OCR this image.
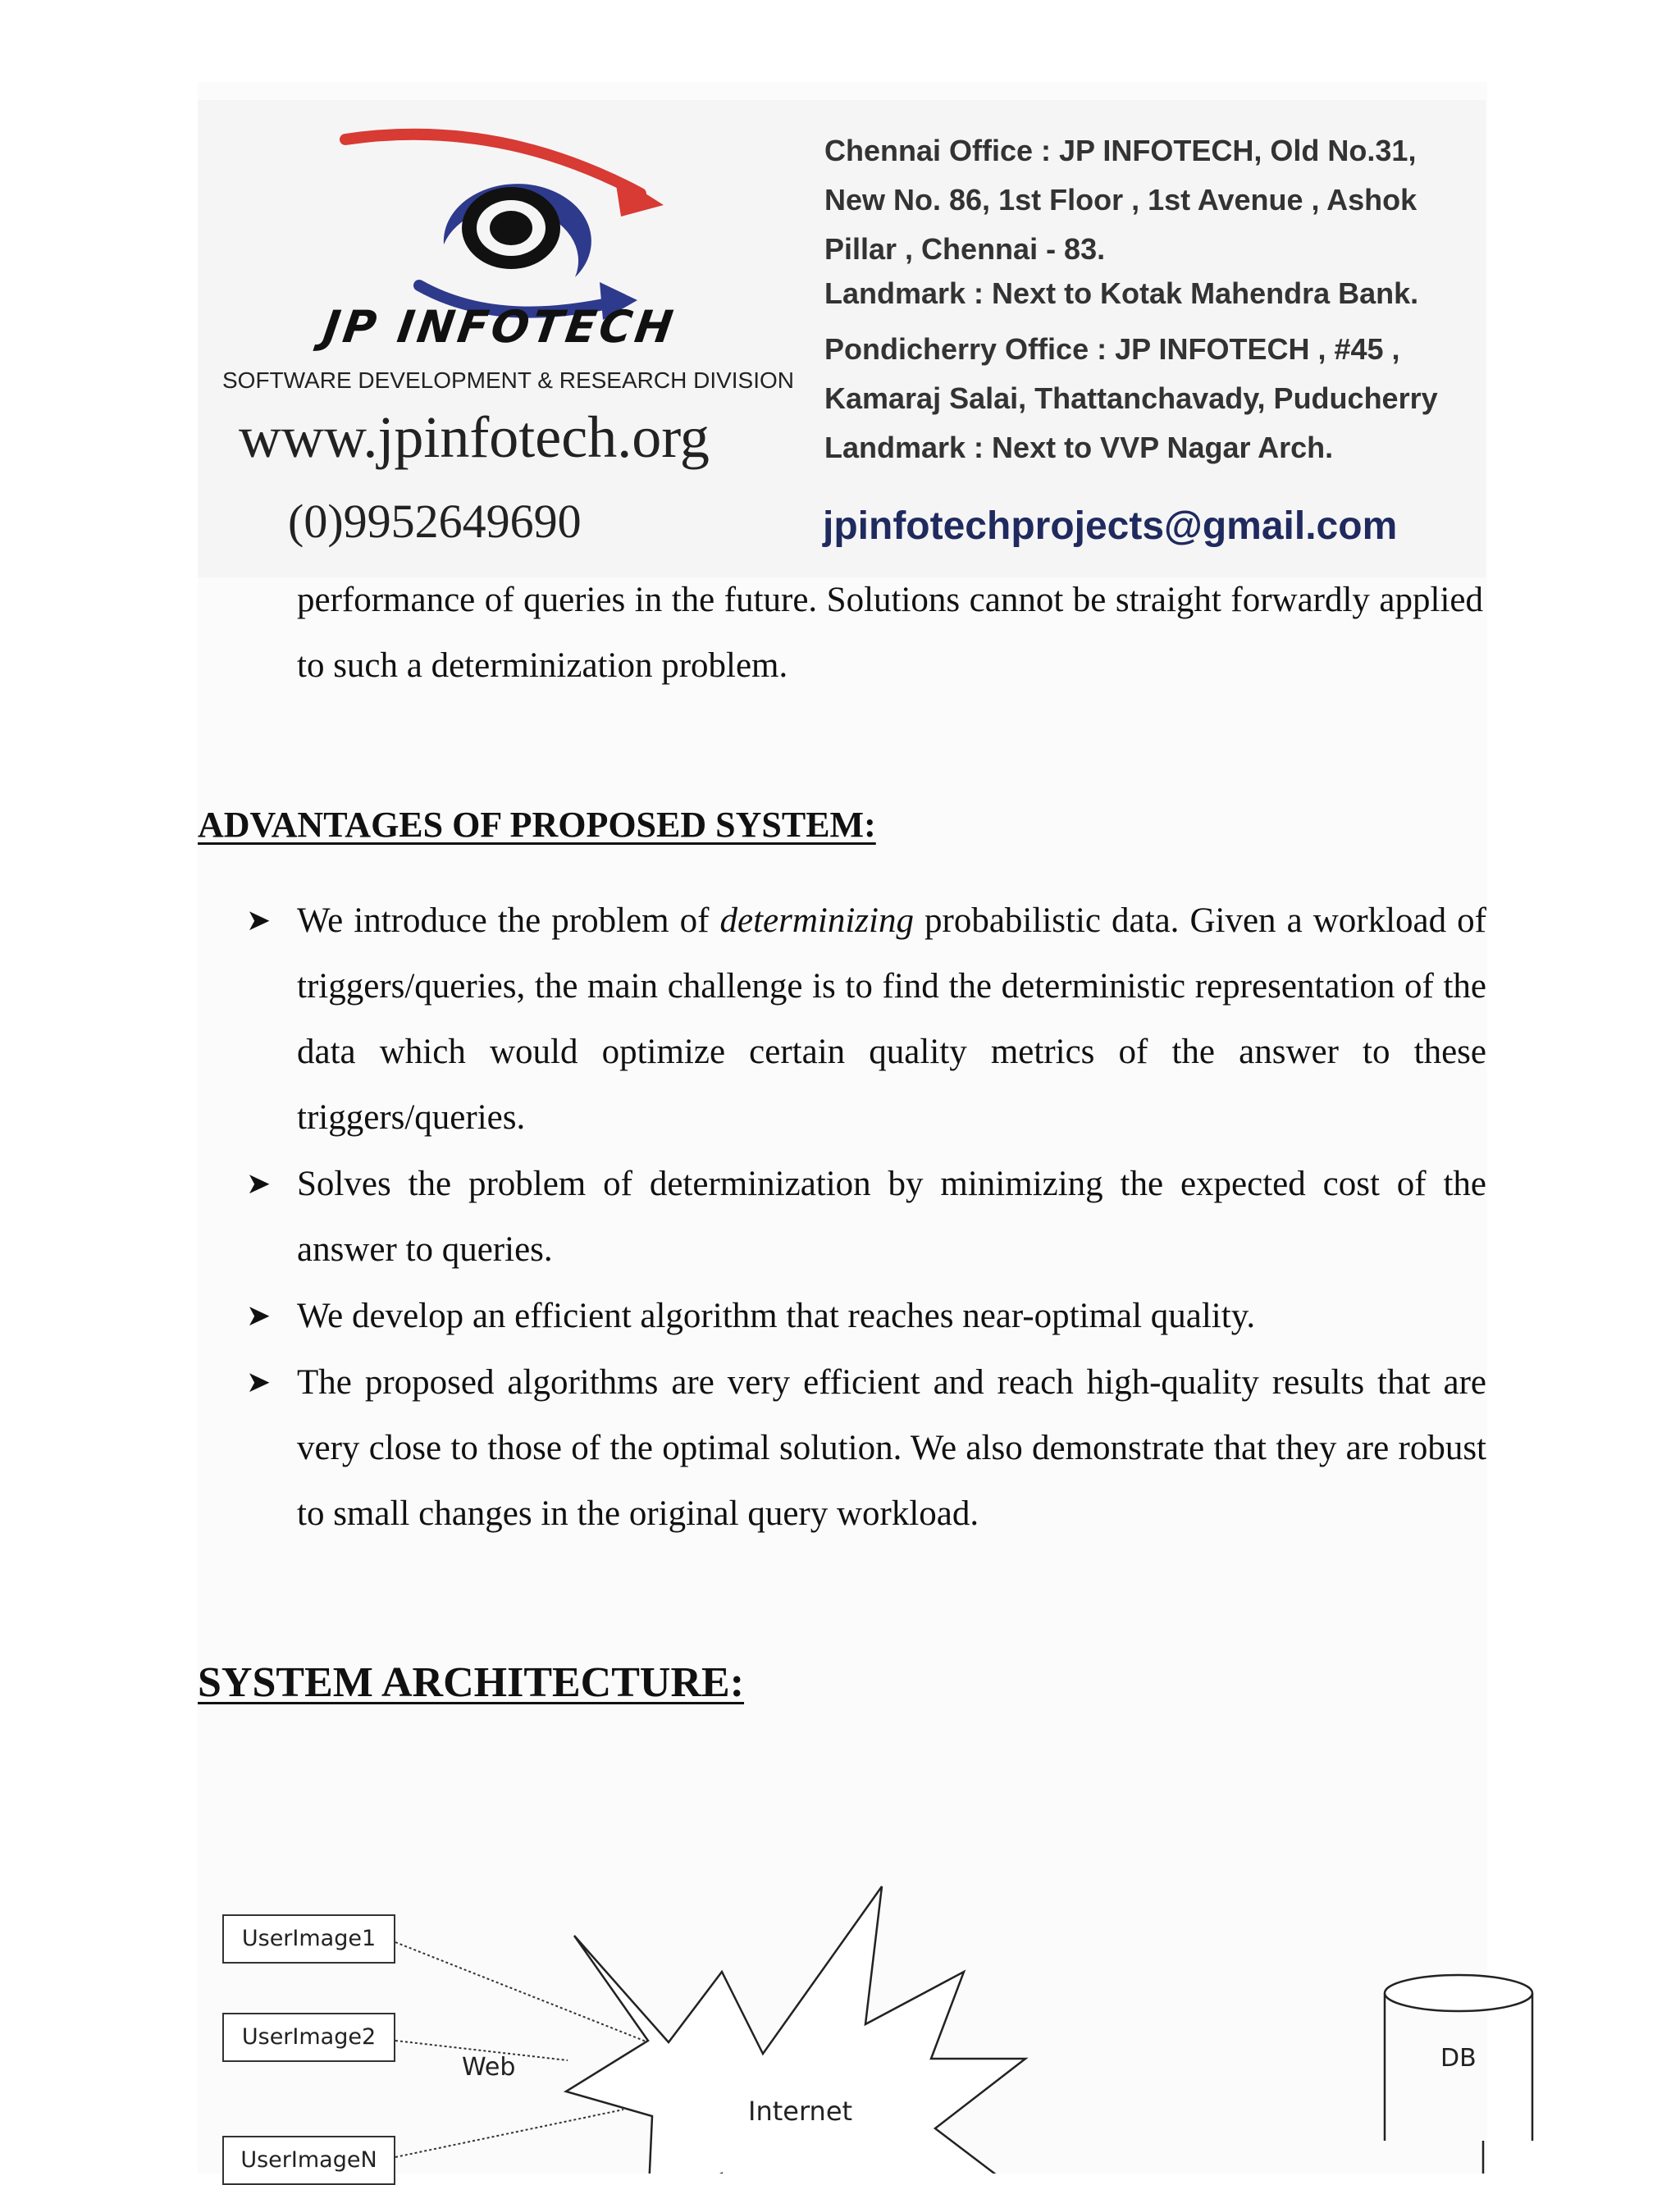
JP INFOTECH
SOFTWARE DEVELOPMENT & RESEARCH DIVISION
www.jpinfotech.org
(0)9952649690
Chennai Office : JP INFOTECH, Old No.31,
New No. 86, 1st Floor , 1st Avenue , Ashok
Pillar , Chennai - 83.
Landmark : Next to Kotak Mahendra Bank.
Pondicherry Office : JP INFOTECH , #45 ,
Kamaraj Salai, Thattanchavady, Puducherry
Landmark : Next to VVP Nagar Arch.
jpinfotechprojects@gmail.com
performance of queries in the future. Solutions cannot be straight forwardly applied to such a determinization problem.
ADVANTAGES OF PROPOSED SYSTEM:
➤ We introduce the problem of determinizing probabilistic data. Given a workload of triggers/queries, the main challenge is to find the deterministic representation of the data which would optimize certain quality metrics of the answer to these triggers/queries.
➤ Solves the problem of determinization by minimizing the expected cost of the answer to queries.
➤ We develop an efficient algorithm that reaches near-optimal quality.
➤ The proposed algorithms are very efficient and reach high-quality results that are very close to those of the optimal solution. We also demonstrate that they are robust to small changes in the original query workload.
SYSTEM ARCHITECTURE:
UserImage1
UserImage2
UserImageN
Web
Internet
DB
